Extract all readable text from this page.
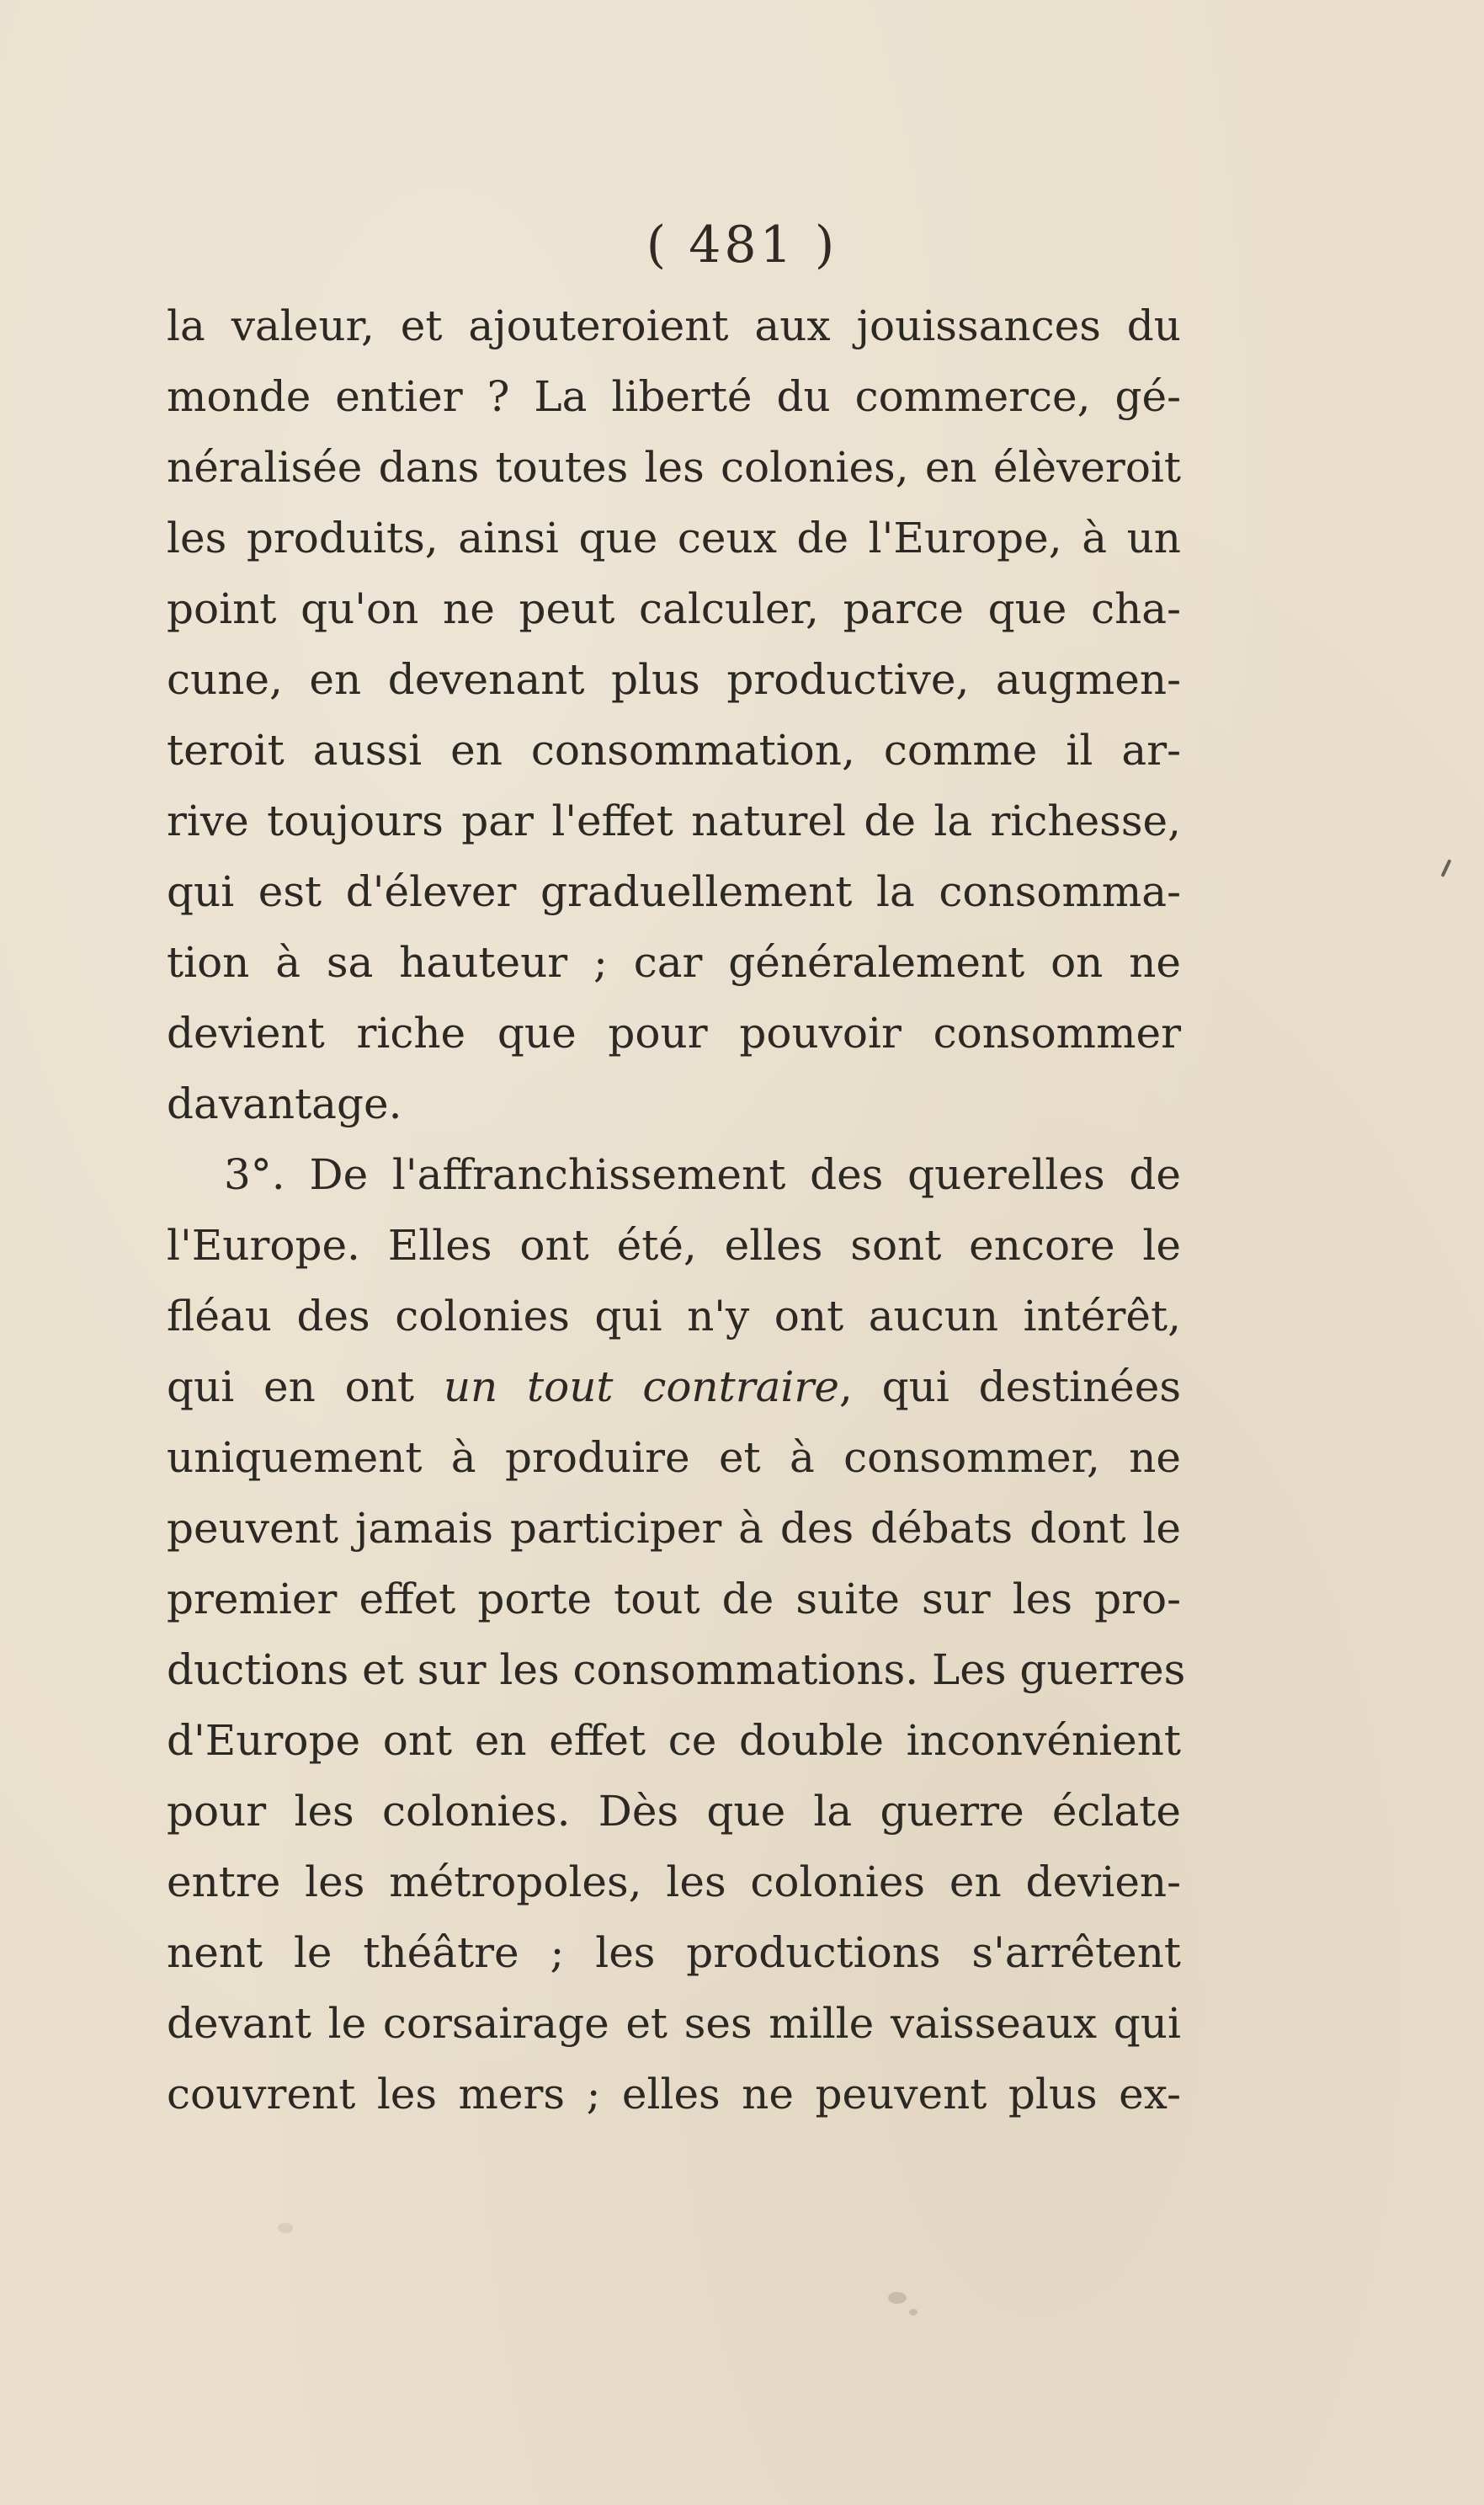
( 481 )
la valeur, et ajouteroient aux jouissances du
monde entier ? La liberté du commerce, gé-
néralisée dans toutes les colonies, en élèveroit
les produits, ainsi que ceux de l'Europe, à un
point qu'on ne peut calculer, parce que cha-
cune, en devenant plus productive, augmen-
teroit aussi en consommation, comme il ar-
rive toujours par l'effet naturel de la richesse,
qui est d'élever graduellement la consomma-
tion à sa hauteur ; car généralement on ne
devient riche que pour pouvoir consommer
davantage.
3°. De l'affranchissement des querelles de
l'Europe. Elles ont été, elles sont encore le
fléau des colonies qui n'y ont aucun intérêt,
qui en ont un tout contraire, qui destinées
uniquement à produire et à consommer, ne
peuvent jamais participer à des débats dont le
premier effet porte tout de suite sur les pro-
ductions et sur les consommations. Les guerres
d'Europe ont en effet ce double inconvénient
pour les colonies. Dès que la guerre éclate
entre les métropoles, les colonies en devien-
nent le théâtre ; les productions s'arrêtent
devant le corsairage et ses mille vaisseaux qui
couvrent les mers ; elles ne peuvent plus ex-
